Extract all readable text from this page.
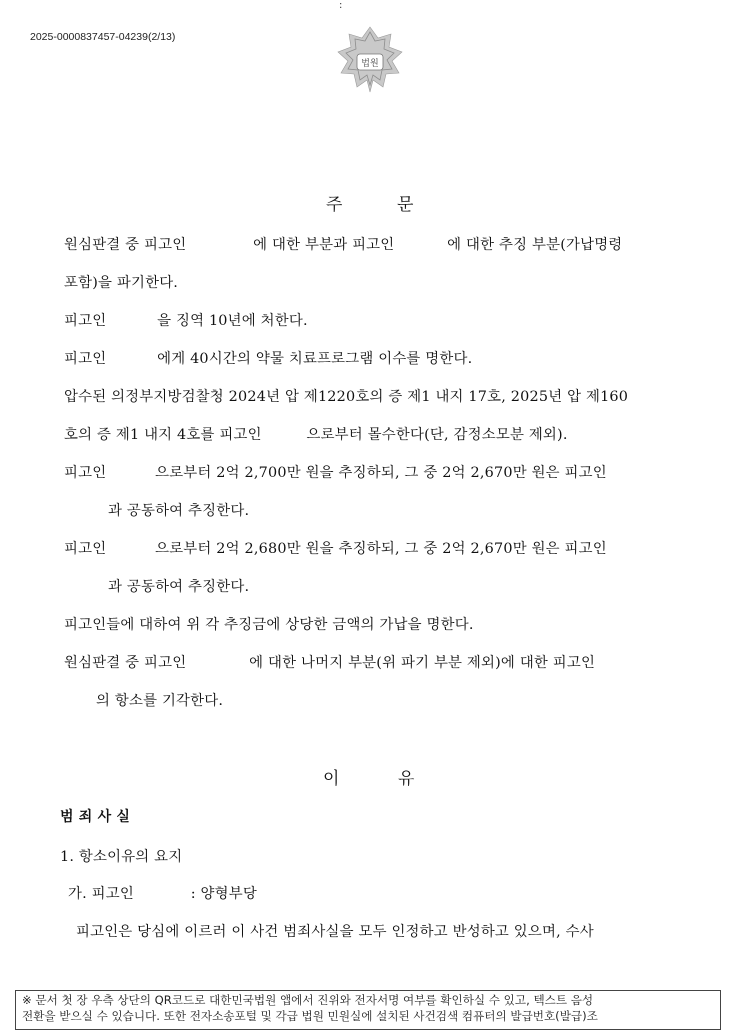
:
2025-0000837457-04239(2/13)
법원
주	문
원심판결 중 피고인	에 대한 부분과 피고인	에 대한 추징 부분(가납명령
포함)을 파기한다.
피고인	을 징역 10년에 처한다.
피고인	에게 40시간의 약물 치료프로그램 이수를 명한다.
압수된 의정부지방검찰청 2024년 압 제1220호의 증 제1 내지 17호, 2025년 압 제160
호의 증 제1 내지 4호를 피고인	으로부터 몰수한다(단, 감정소모분 제외).
피고인	으로부터 2억 2,700만 원을 추징하되, 그 중 2억 2,670만 원은 피고인
과 공동하여 추징한다.
피고인	으로부터 2억 2,680만 원을 추징하되, 그 중 2억 2,670만 원은 피고인
과 공동하여 추징한다.
피고인들에 대하여 위 각 추징금에 상당한 금액의 가납을 명한다.
원심판결 중 피고인	에 대한 나머지 부분(위 파기 부분 제외)에 대한 피고인
의 항소를 기각한다.
이	유
범 죄 사 실
1. 항소이유의 요지
가. 피고인	: 양형부당
피고인은 당심에 이르러 이 사건 범죄사실을 모두 인정하고 반성하고 있으며, 수사
※ 문서 첫 장 우측 상단의 QR코드로 대한민국법원 앱에서 진위와 전자서명 여부를 확인하실 수 있고, 텍스트 음성
전환을 받으실 수 있습니다. 또한 전자소송포털 및 각급 법원 민원실에 설치된 사건검색 컴퓨터의 발급번호(발급)조
